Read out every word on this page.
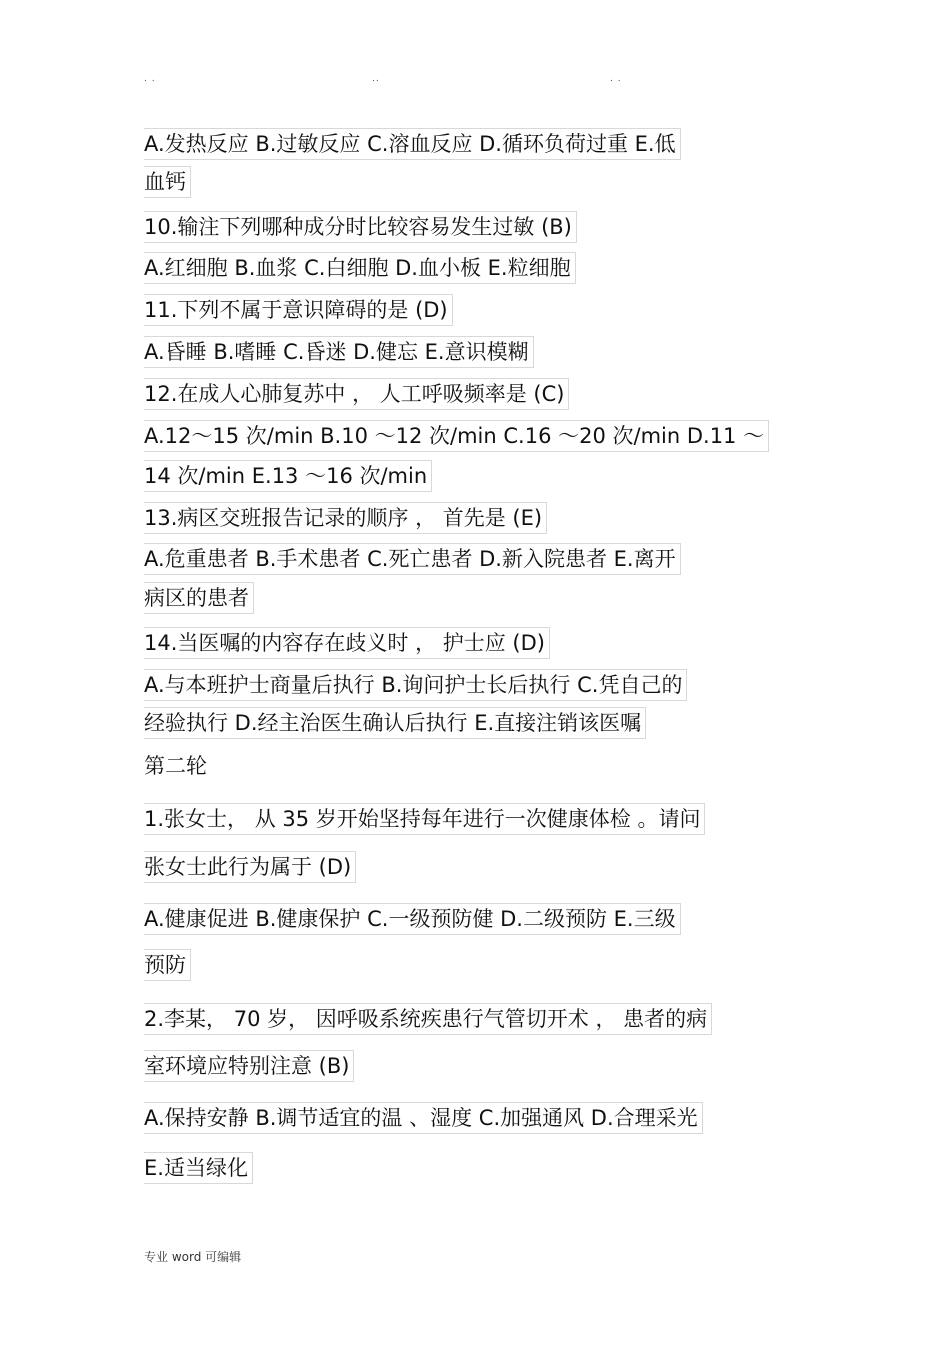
. .	..	. .
A.发热反应 B.过敏反应 C.溶血反应 D.循环负荷过重 E.低
血钙
10.输注下列哪种成分时比较容易发生过敏 (B)
A.红细胞 B.血浆 C.白细胞 D.血小板 E.粒细胞
11.下列不属于意识障碍的是 (D)
A.昏睡 B.嗜睡 C.昏迷 D.健忘 E.意识模糊
12.在成人心肺复苏中 ， 人工呼吸频率是 (C)
A.12～15 次/min B.10 ～12 次/min C.16 ～20 次/min D.11 ～
14 次/min E.13 ～16 次/min
13.病区交班报告记录的顺序 ， 首先是 (E)
A.危重患者 B.手术患者 C.死亡患者 D.新入院患者 E.离开
病区的患者
14.当医嘱的内容存在歧义时 ， 护士应 (D)
A.与本班护士商量后执行 B.询问护士长后执行 C.凭自己的
经验执行 D.经主治医生确认后执行 E.直接注销该医嘱
第二轮
1.张女士， 从 35 岁开始坚持每年进行一次健康体检 。请问
张女士此行为属于 (D)
A.健康促进 B.健康保护 C.一级预防健 D.二级预防 E.三级
预防
2.李某， 70 岁， 因呼吸系统疾患行气管切开术 ， 患者的病
室环境应特别注意 (B)
A.保持安静 B.调节适宜的温 、湿度 C.加强通风 D.合理采光
E.适当绿化
专业 word 可编辑
